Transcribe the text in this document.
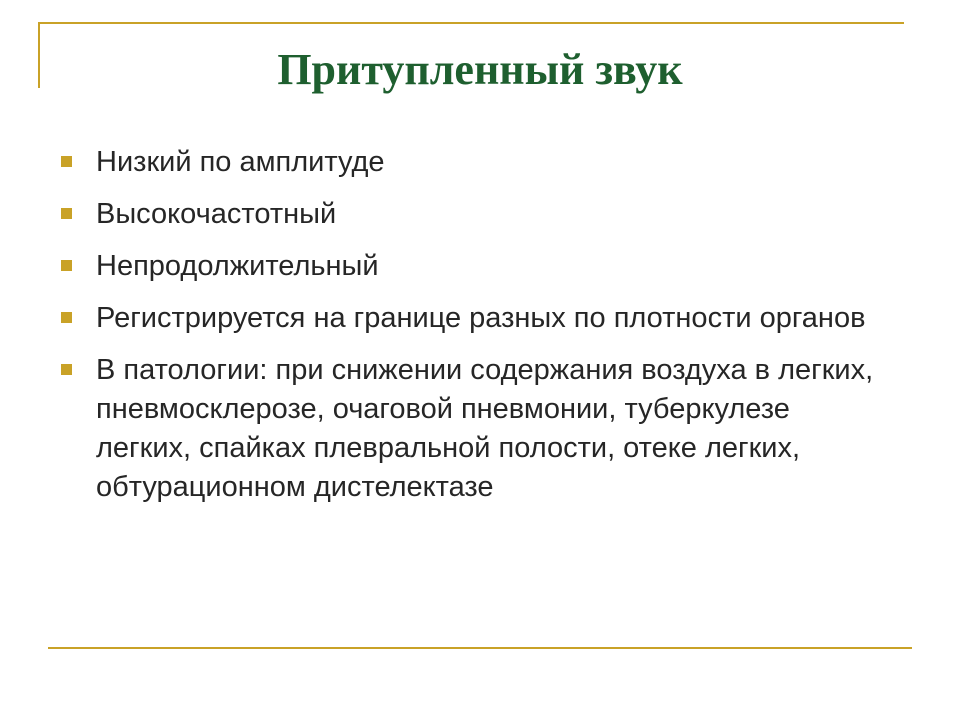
Притупленный звук
Низкий по амплитуде
Высокочастотный
Непродолжительный
Регистрируется на границе разных по плотности органов
В патологии: при снижении содержания воздуха в легких, пневмосклерозе, очаговой пневмонии, туберкулезе легких, спайках плевральной полости, отеке легких, обтурационном дистелектазе
